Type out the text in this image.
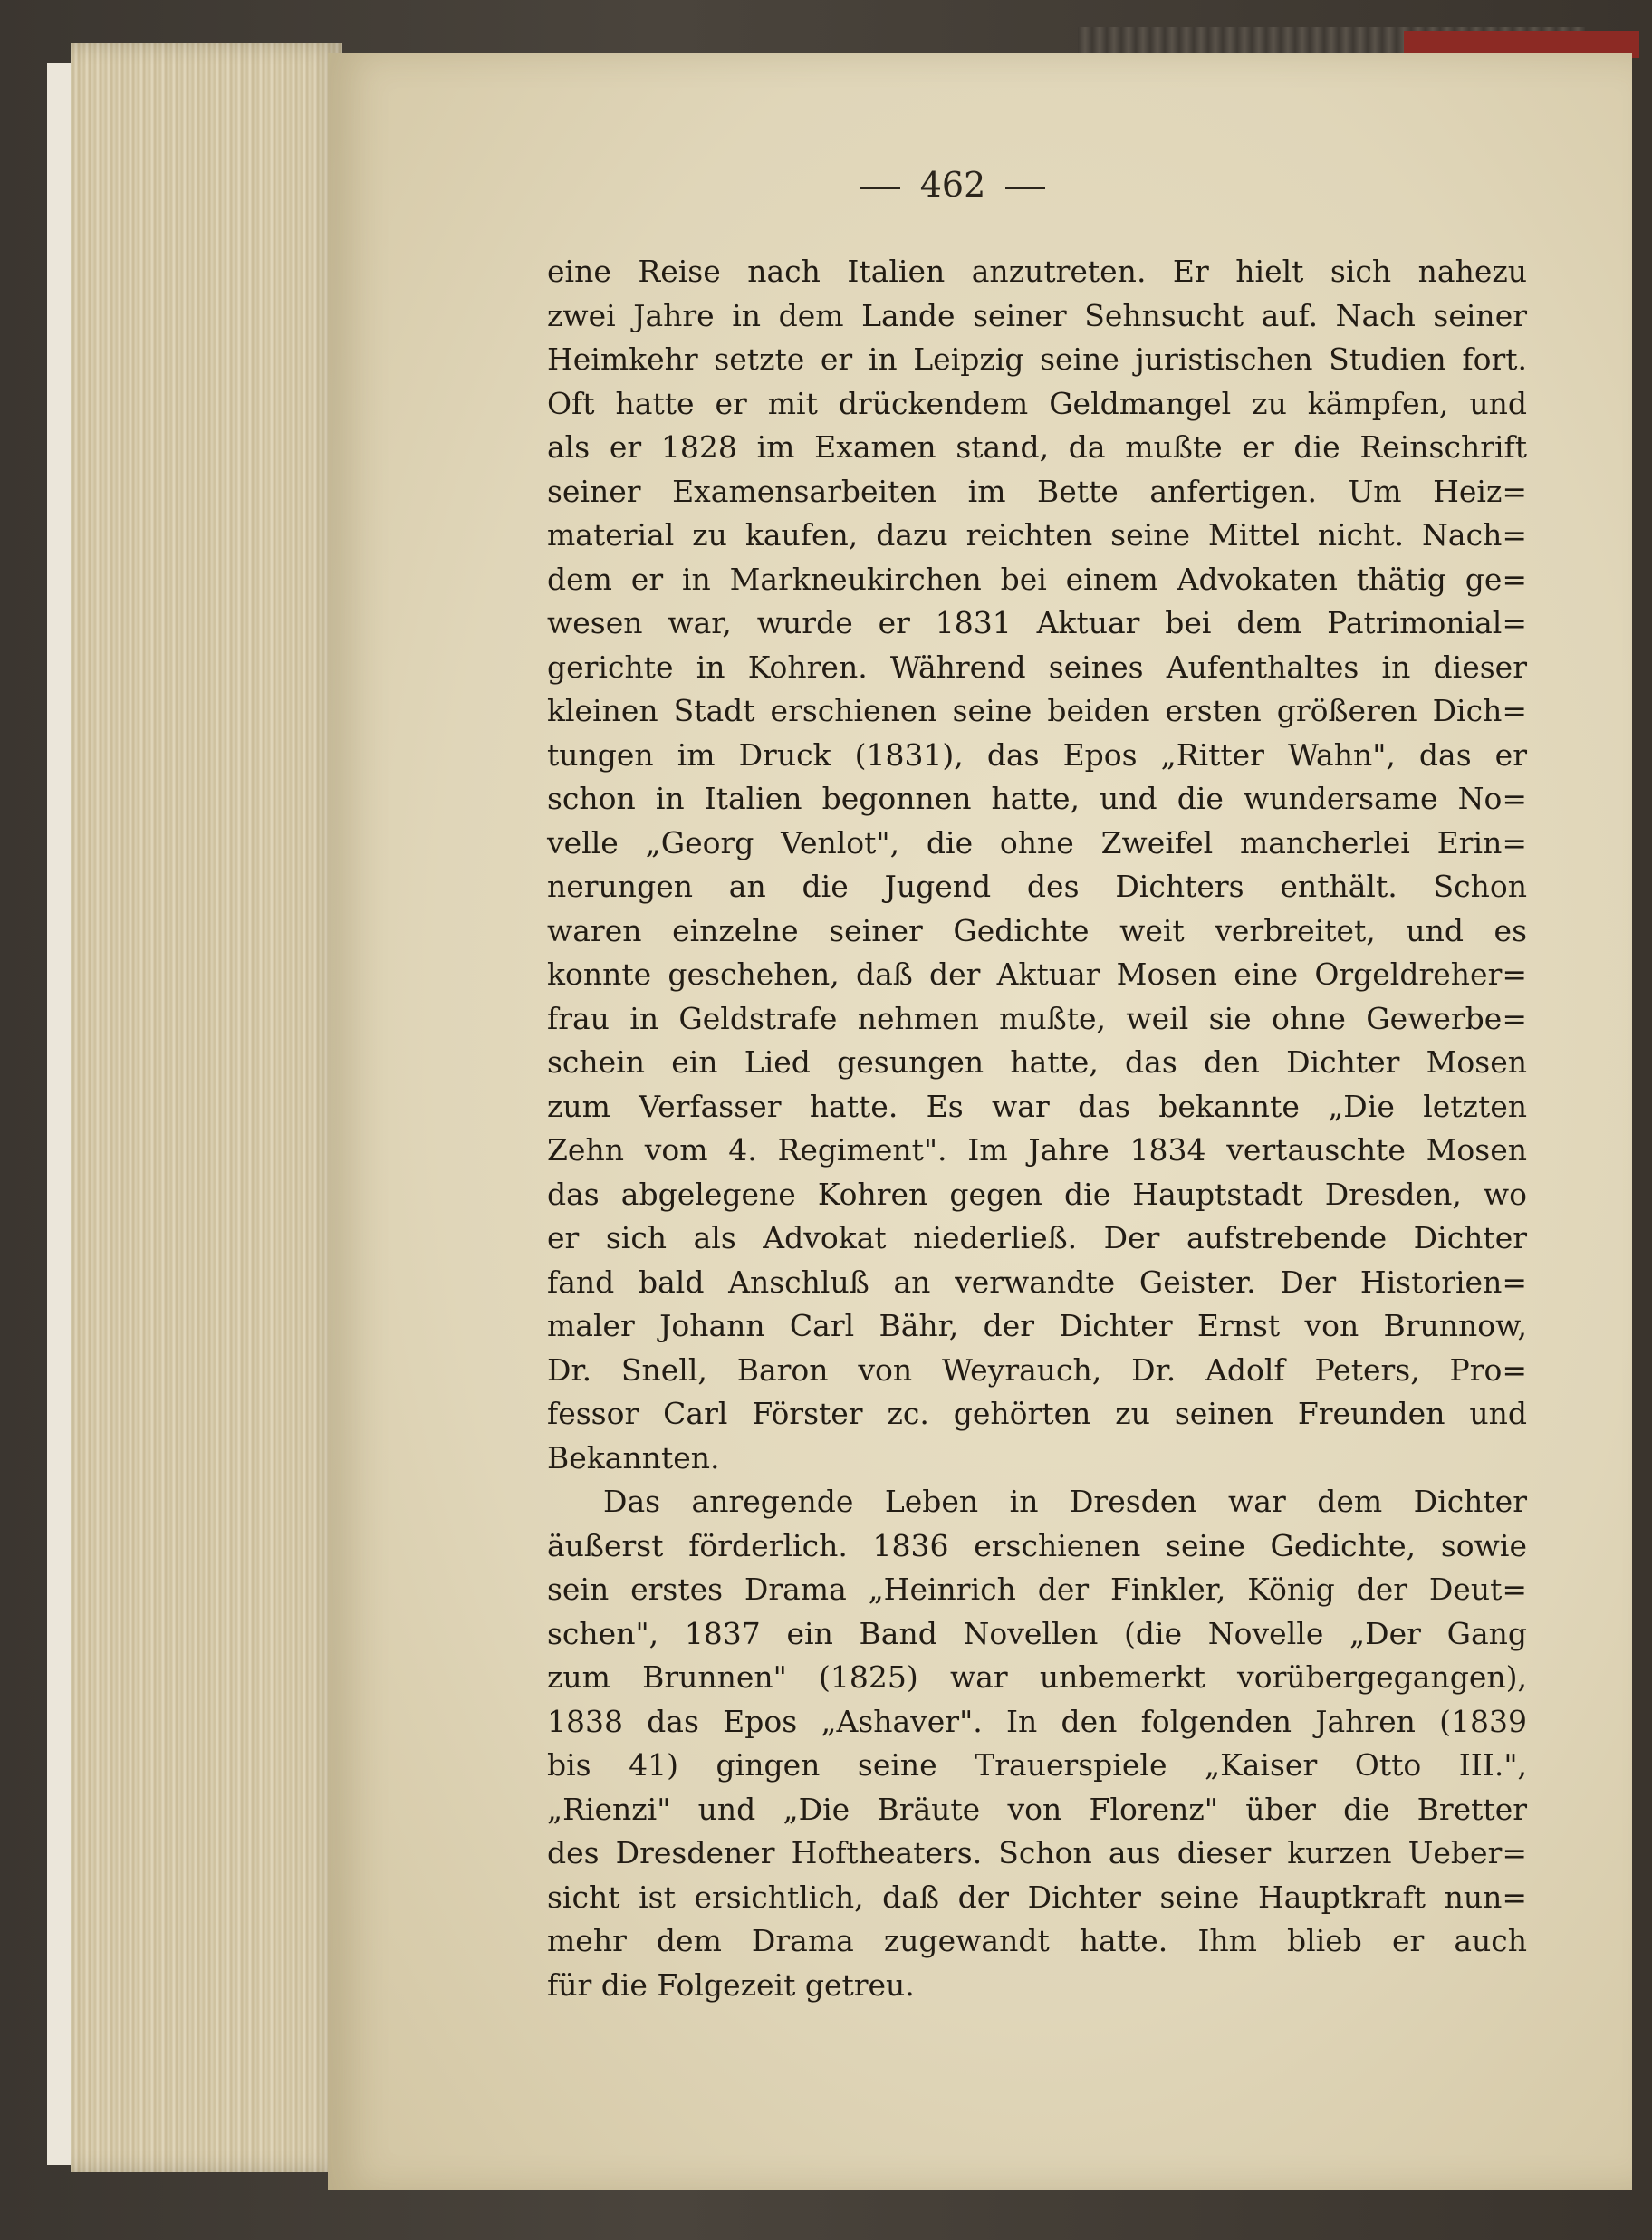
462
eine Reise nach Italien anzutreten. Er hielt sich nahezu
zwei Jahre in dem Lande seiner Sehnsucht auf. Nach seiner
Heimkehr setzte er in Leipzig seine juristischen Studien fort.
Oft hatte er mit drückendem Geldmangel zu kämpfen, und
als er 1828 im Examen stand, da mußte er die Reinschrift
seiner Examensarbeiten im Bette anfertigen. Um Heiz=
material zu kaufen, dazu reichten seine Mittel nicht. Nach=
dem er in Markneukirchen bei einem Advokaten thätig ge=
wesen war, wurde er 1831 Aktuar bei dem Patrimonial=
gerichte in Kohren. Während seines Aufenthaltes in dieser
kleinen Stadt erschienen seine beiden ersten größeren Dich=
tungen im Druck (1831), das Epos „Ritter Wahn", das er
schon in Italien begonnen hatte, und die wundersame No=
velle „Georg Venlot", die ohne Zweifel mancherlei Erin=
nerungen an die Jugend des Dichters enthält. Schon
waren einzelne seiner Gedichte weit verbreitet, und es
konnte geschehen, daß der Aktuar Mosen eine Orgeldreher=
frau in Geldstrafe nehmen mußte, weil sie ohne Gewerbe=
schein ein Lied gesungen hatte, das den Dichter Mosen
zum Verfasser hatte. Es war das bekannte „Die letzten
Zehn vom 4. Regiment". Im Jahre 1834 vertauschte Mosen
das abgelegene Kohren gegen die Hauptstadt Dresden, wo
er sich als Advokat niederließ. Der aufstrebende Dichter
fand bald Anschluß an verwandte Geister. Der Historien=
maler Johann Carl Bähr, der Dichter Ernst von Brunnow,
Dr. Snell, Baron von Weyrauch, Dr. Adolf Peters, Pro=
fessor Carl Förster zc. gehörten zu seinen Freunden und
Bekannten.
Das anregende Leben in Dresden war dem Dichter
äußerst förderlich. 1836 erschienen seine Gedichte, sowie
sein erstes Drama „Heinrich der Finkler, König der Deut=
schen", 1837 ein Band Novellen (die Novelle „Der Gang
zum Brunnen" (1825) war unbemerkt vorübergegangen),
1838 das Epos „Ashaver". In den folgenden Jahren (1839
bis 41) gingen seine Trauerspiele „Kaiser Otto III.",
„Rienzi" und „Die Bräute von Florenz" über die Bretter
des Dresdener Hoftheaters. Schon aus dieser kurzen Ueber=
sicht ist ersichtlich, daß der Dichter seine Hauptkraft nun=
mehr dem Drama zugewandt hatte. Ihm blieb er auch
für die Folgezeit getreu.
